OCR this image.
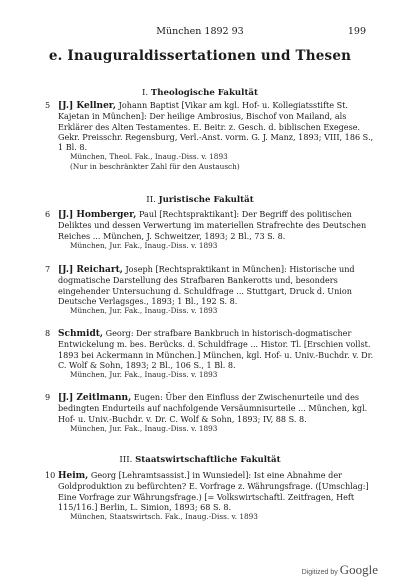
München 1892 93	199
e. Inauguraldissertationen und Thesen
I. Theologische Fakultät
5 [J.] Kellner, Johann Baptist [Vikar am kgl. Hof- u. Kollegiatsstifte St. Kajetan in München]: Der heilige Ambrosius, Bischof von Mailand, als Erklärer des Alten Testamentes. E. Beitr. z. Gesch. d. biblischen Exegese. Gekr. Preisschr. Regensburg, Verl.-Anst. vorm. G. J. Manz, 1893; VIII, 186 S., 1 Bl. 8.
München, Theol. Fak., Inaug.-Diss. v. 1893
(Nur in beschränkter Zahl für den Austausch)
II. Juristische Fakultät
6 [J.] Homberger, Paul [Rechtspraktikant]: Der Begriff des politischen Deliktes und dessen Verwertung im materiellen Strafrechte des Deutschen Reiches ... München, J. Schweitzer, 1893; 2 Bl., 73 S. 8.
München, Jur. Fak., Inaug.-Diss. v. 1893
7 [J.] Reichart, Joseph [Rechtspraktikant in München]: Historische und dogmatische Darstellung des Strafbaren Bankerotts und, besonders eingehender Untersuchung d. Schuldfrage ... Stuttgart, Druck d. Union Deutsche Verlagsges., 1893; 1 Bl., 192 S. 8.
München, Jur. Fak., Inaug.-Diss. v. 1893
8 Schmidt, Georg: Der strafbare Bankbruch in historisch-dogmatischer Entwickelung m. bes. Berücks. d. Schuldfrage ... Histor. Tl. [Erschien vollst. 1893 bei Ackermann in München.] München, kgl. Hof- u. Univ.-Buchdr. v. Dr. C. Wolf & Sohn, 1893; 2 Bl., 106 S., 1 Bl. 8.
München, Jur. Fak., Inaug.-Diss. v. 1893
9 [J.] Zeitlmann, Eugen: Über den Einfluss der Zwischenurteile und des bedingten Endurteils auf nachfolgende Versäumnisurteile ... München, kgl. Hof- u. Univ.-Buchdr. v. Dr. C. Wolf & Sohn, 1893; IV, 88 S. 8.
München, Jur. Fak., Inaug.-Diss. v. 1893
III. Staatswirtschaftliche Fakultät
10 Heim, Georg [Lehramtsassist.] in Wunsiedel]: Ist eine Abnahme der Goldproduktion zu befürchten? E. Vorfrage z. Währungsfrage. ([Umschlag:] Eine Vorfrage zur Währungsfrage.) [= Volkswirtschaftl. Zeitfragen, Heft 115/116.] Berlin, L. Simion, 1893; 68 S. 8.
München, Staatswirtsch. Fak., Inaug.-Diss. v. 1893
Digitized by Google
